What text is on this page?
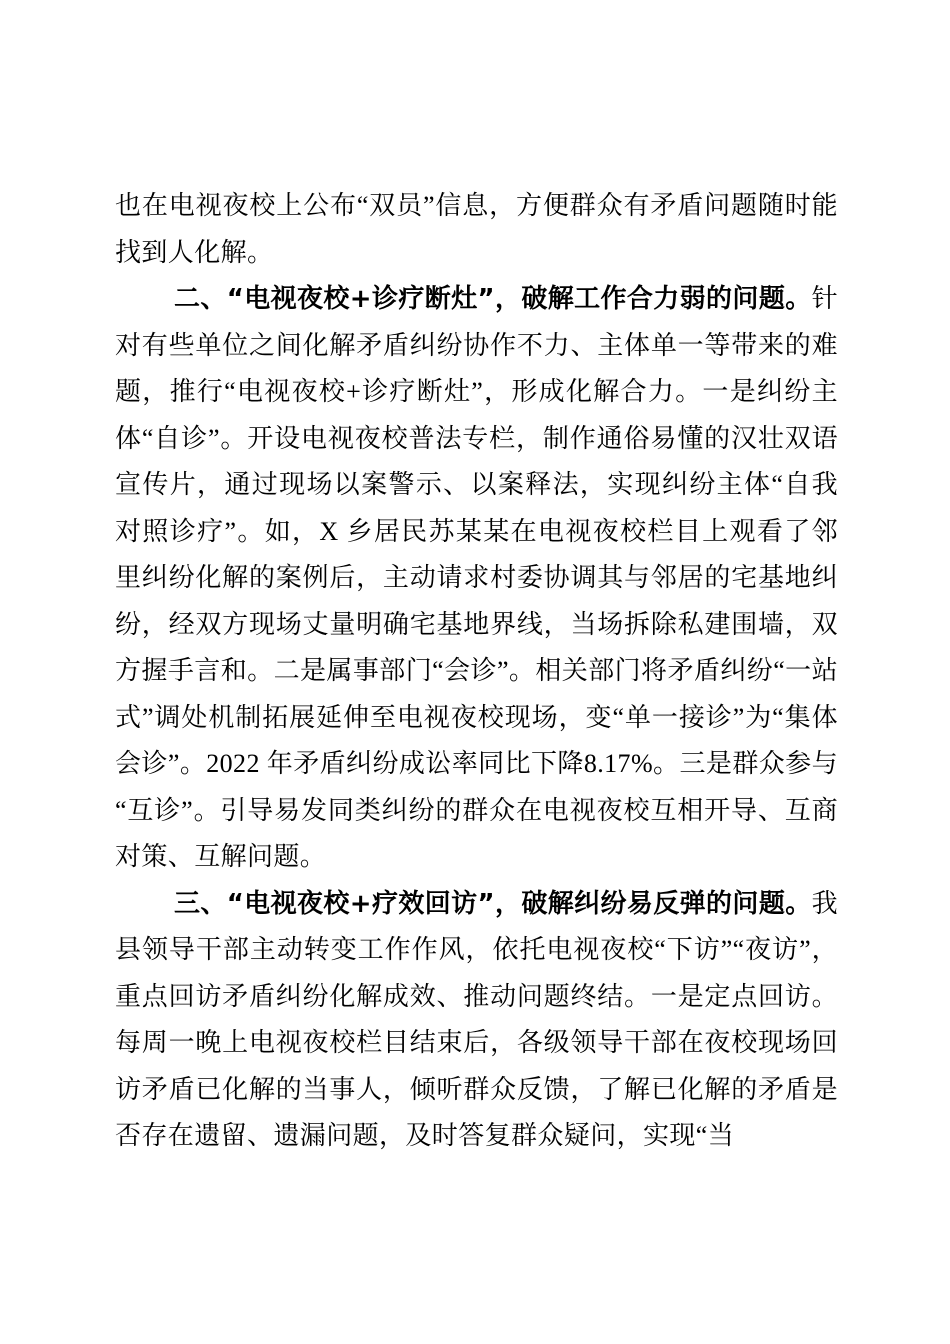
也在电视夜校上公布“双员”信息，方便群众有矛盾问题随时能找到人化解。

二、“电视夜校+诊疗断灶”，破解工作合力弱的问题。针对有些单位之间化解矛盾纠纷协作不力、主体单一等带来的难题，推行“电视夜校+诊疗断灶”，形成化解合力。一是纠纷主体“自诊”。开设电视夜校普法专栏，制作通俗易懂的汉壮双语宣传片，通过现场以案警示、以案释法，实现纠纷主体“自我对照诊疗”。如，X 乡居民苏某某在电视夜校栏目上观看了邻里纠纷化解的案例后，主动请求村委协调其与邻居的宅基地纠纷，经双方现场丈量明确宅基地界线，当场拆除私建围墙，双方握手言和。二是属事部门“会诊”。相关部门将矛盾纠纷“一站式”调处机制拓展延伸至电视夜校现场，变“单一接诊”为“集体会诊”。2022 年矛盾纠纷成讼率同比下降8.17%。三是群众参与“互诊”。引导易发同类纠纷的群众在电视夜校互相开导、互商对策、互解问题。

三、“电视夜校+疗效回访”，破解纠纷易反弹的问题。我县领导干部主动转变工作作风，依托电视夜校“下访”“夜访”，重点回访矛盾纠纷化解成效、推动问题终结。一是定点回访。每周一晚上电视夜校栏目结束后，各级领导干部在夜校现场回访矛盾已化解的当事人，倾听群众反馈，了解已化解的矛盾是否存在遗留、遗漏问题，及时答复群众疑问，实现“当
